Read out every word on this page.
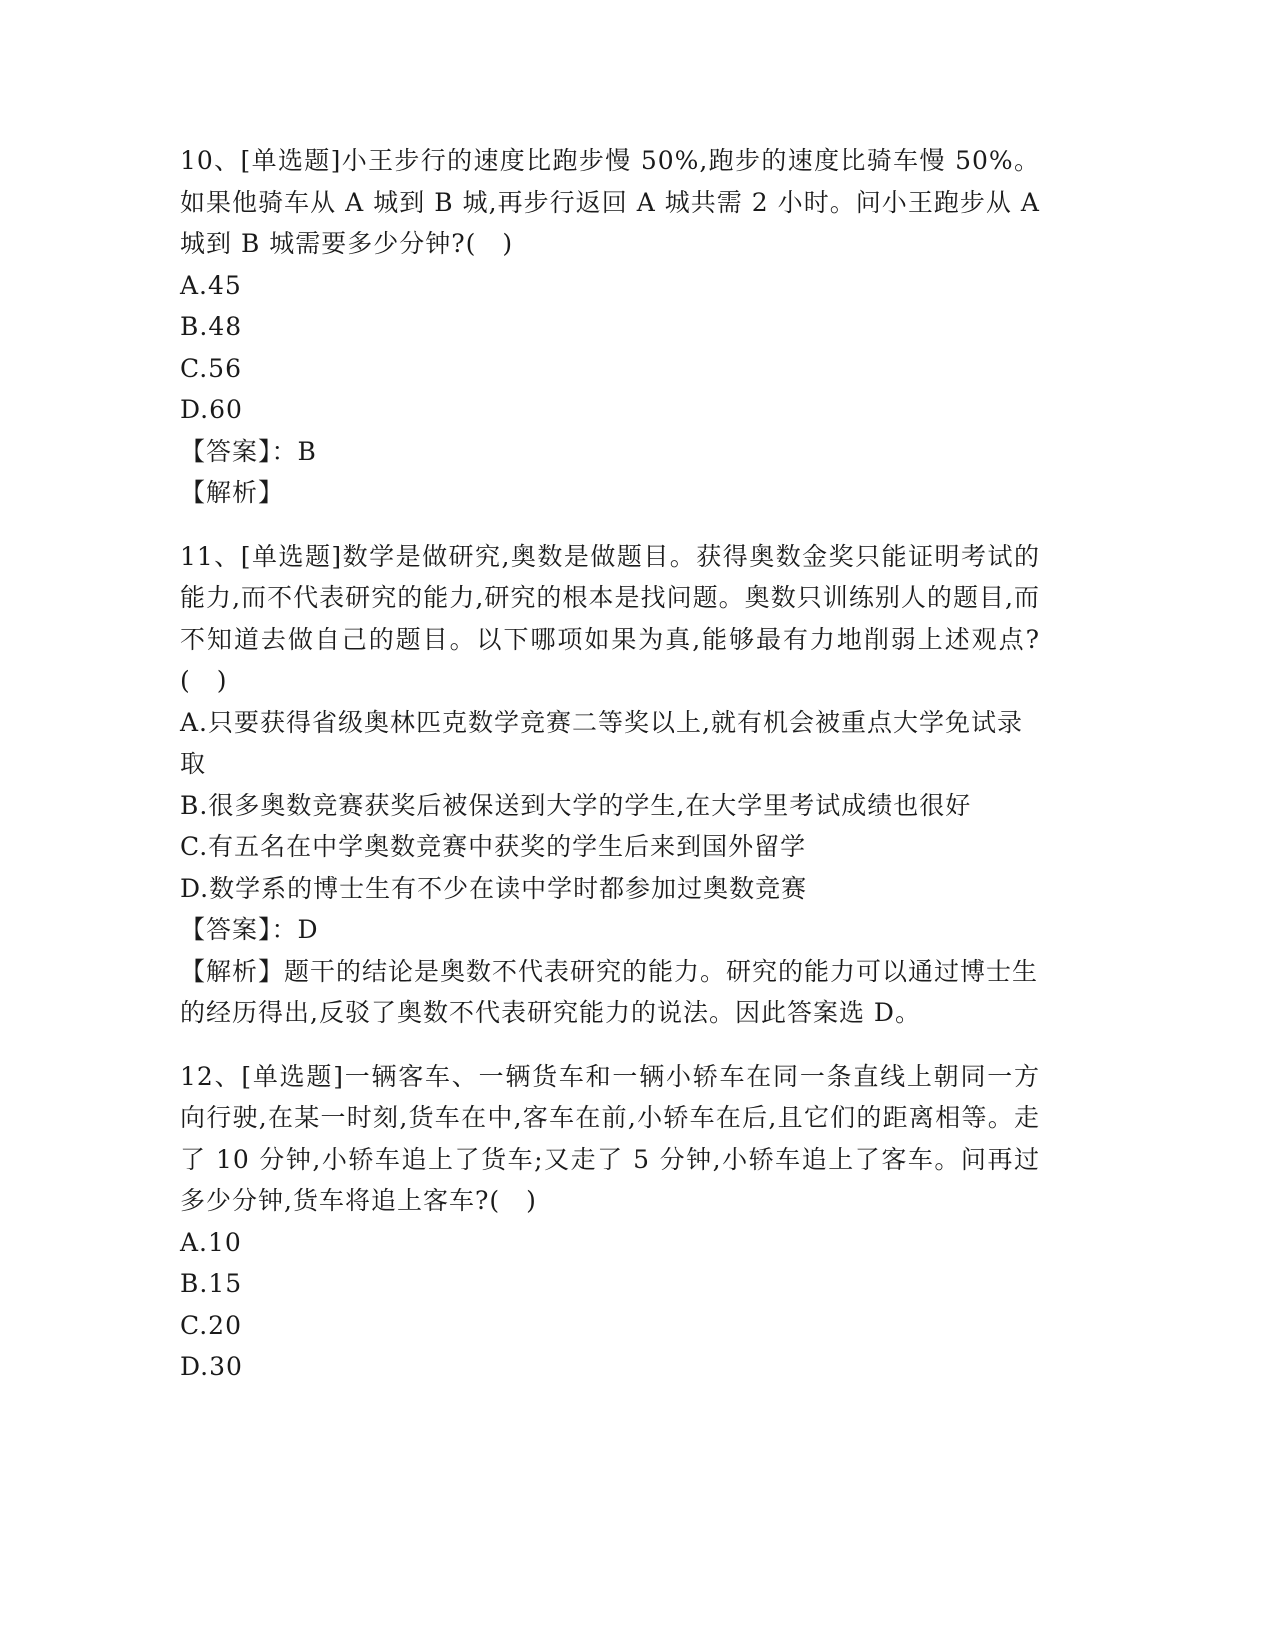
10、[单选题]小王步行的速度比跑步慢 50%,跑步的速度比骑车慢 50%。如果他骑车从 A 城到 B 城,再步行返回 A 城共需 2 小时。问小王跑步从 A 城到 B 城需要多少分钟?(　)

A.45
B.48
C.56
D.60

【答案】：B

【解析】

11、[单选题]数学是做研究,奥数是做题目。获得奥数金奖只能证明考试的能力,而不代表研究的能力,研究的根本是找问题。奥数只训练别人的题目,而不知道去做自己的题目。以下哪项如果为真,能够最有力地削弱上述观点?(　)

A.只要获得省级奥林匹克数学竞赛二等奖以上,就有机会被重点大学免试录取
B.很多奥数竞赛获奖后被保送到大学的学生,在大学里考试成绩也很好
C.有五名在中学奥数竞赛中获奖的学生后来到国外留学
D.数学系的博士生有不少在读中学时都参加过奥数竞赛

【答案】：D

【解析】题干的结论是奥数不代表研究的能力。研究的能力可以通过博士生的经历得出,反驳了奥数不代表研究能力的说法。因此答案选 D。

12、[单选题]一辆客车、一辆货车和一辆小轿车在同一条直线上朝同一方向行驶,在某一时刻,货车在中,客车在前,小轿车在后,且它们的距离相等。走了 10 分钟,小轿车追上了货车;又走了 5 分钟,小轿车追上了客车。问再过多少分钟,货车将追上客车?(　)

A.10
B.15
C.20
D.30
